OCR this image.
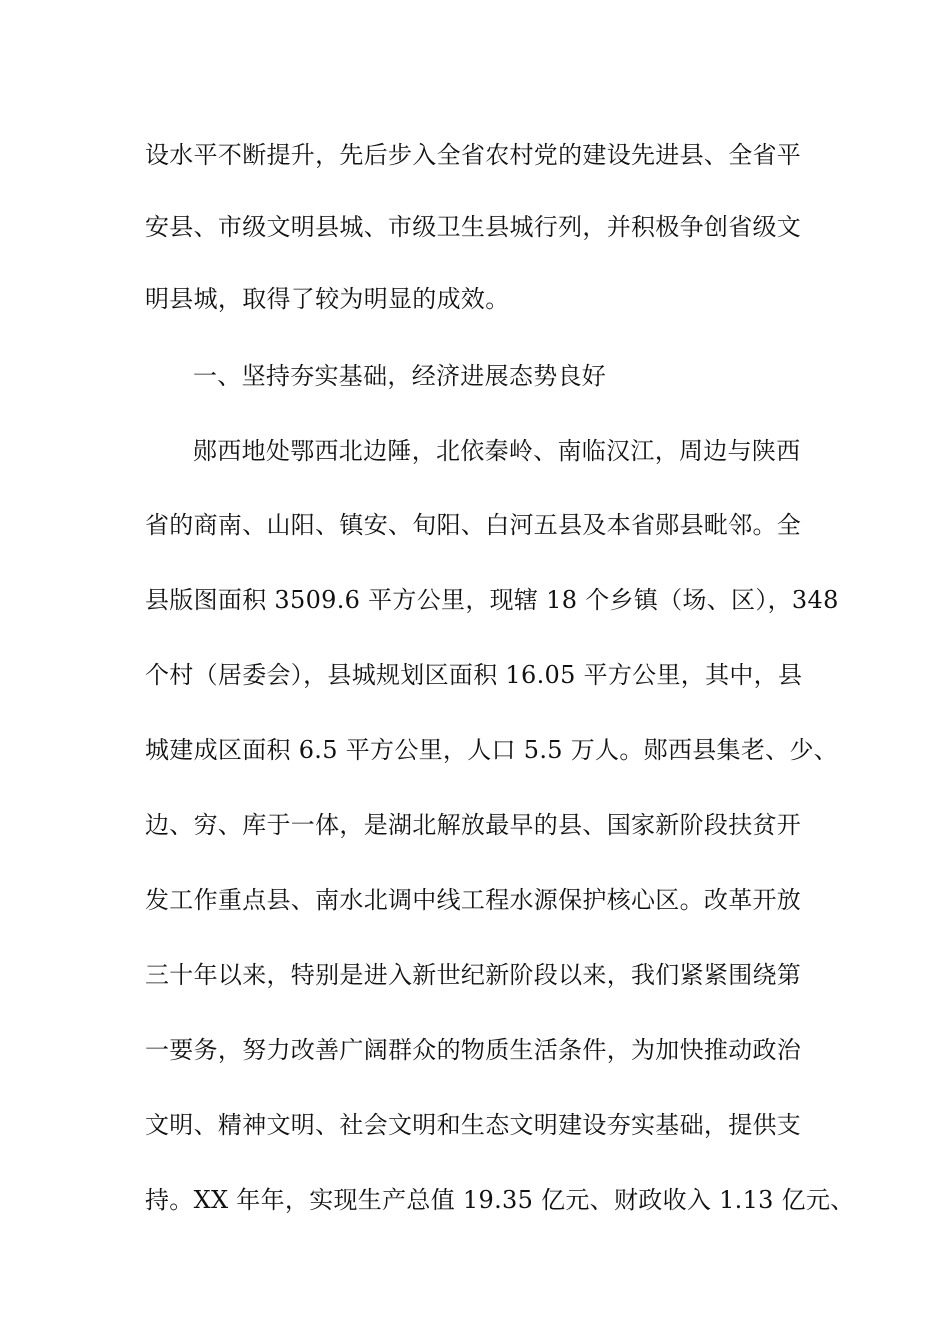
设水平不断提升，先后步入全省农村党的建设先进县、全省平
安县、市级文明县城、市级卫生县城行列，并积极争创省级文
明县城，取得了较为明显的成效。
一、坚持夯实基础，经济进展态势良好
郧西地处鄂西北边陲，北依秦岭、南临汉江，周边与陕西
省的商南、山阳、镇安、旬阳、白河五县及本省郧县毗邻。全
县版图面积 3509.6 平方公里，现辖 18 个乡镇（场、区），348
个村（居委会），县城规划区面积 16.05 平方公里，其中，县
城建成区面积 6.5 平方公里，人口 5.5 万人。郧西县集老、少、
边、穷、库于一体，是湖北解放最早的县、国家新阶段扶贫开
发工作重点县、南水北调中线工程水源保护核心区。改革开放
三十年以来，特别是进入新世纪新阶段以来，我们紧紧围绕第
一要务，努力改善广阔群众的物质生活条件，为加快推动政治
文明、精神文明、社会文明和生态文明建设夯实基础，提供支
持。XX 年年，实现生产总值 19.35 亿元、财政收入 1.13 亿元、
